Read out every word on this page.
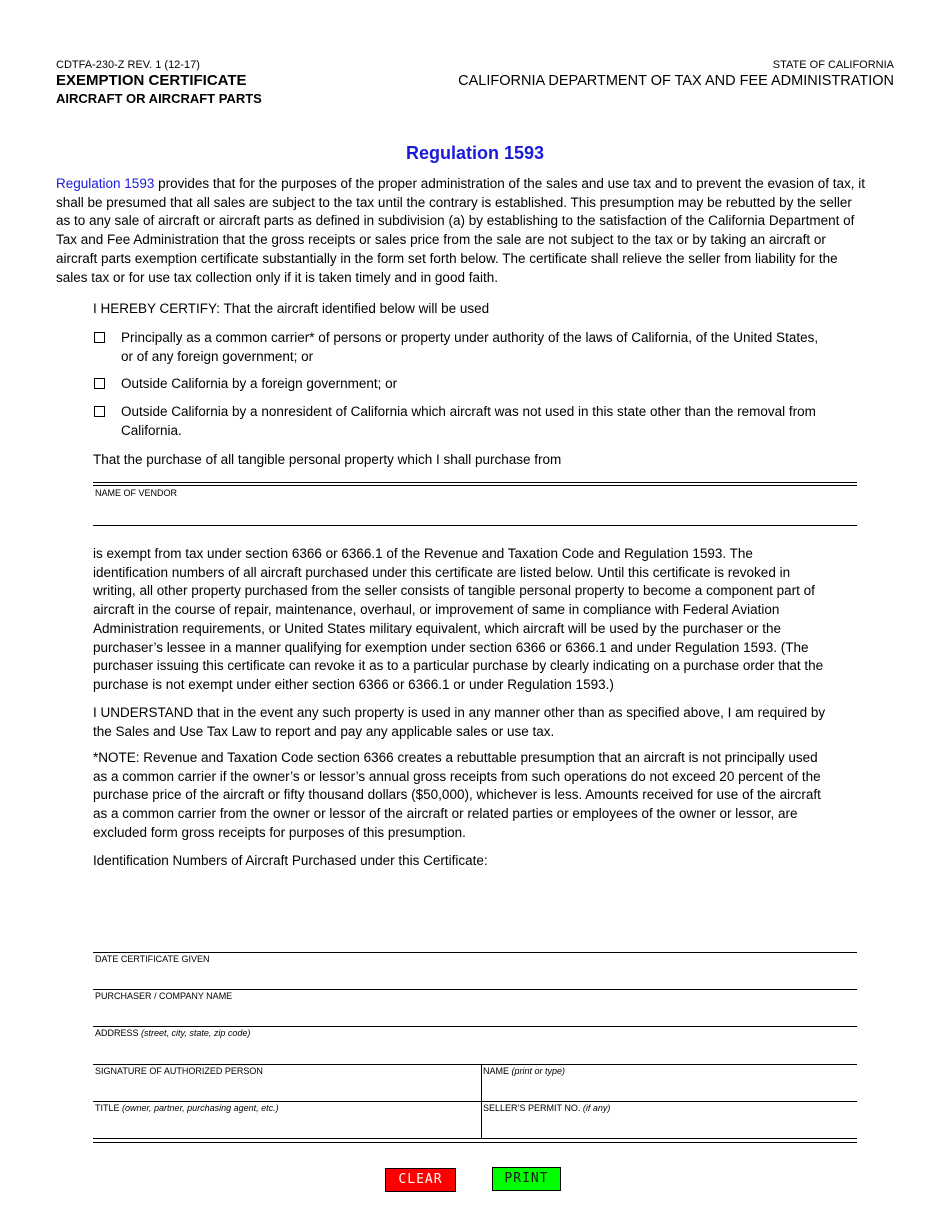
CDTFA-230-Z REV. 1 (12-17)
EXEMPTION CERTIFICATE
AIRCRAFT OR AIRCRAFT PARTS
STATE OF CALIFORNIA
CALIFORNIA DEPARTMENT OF TAX AND FEE ADMINISTRATION
Regulation 1593
Regulation 1593 provides that for the purposes of the proper administration of the sales and use tax and to prevent the evasion of tax, it
shall be presumed that all sales are subject to the tax until the contrary is established. This presumption may be rebutted by the seller
as to any sale of aircraft or aircraft parts as defined in subdivision (a) by establishing to the satisfaction of the California Department of
Tax and Fee Administration that the gross receipts or sales price from the sale are not subject to the tax or by taking an aircraft or
aircraft parts exemption certificate substantially in the form set forth below. The certificate shall relieve the seller from liability for the
sales tax or for use tax collection only if it is taken timely and in good faith.
I HEREBY CERTIFY: That the aircraft identified below will be used
Principally as a common carrier* of persons or property under authority of the laws of California, of the United States,
or of any foreign government; or
Outside California by a foreign government; or
Outside California by a nonresident of California which aircraft was not used in this state other than the removal from
California.
That the purchase of all tangible personal property which I shall purchase from
NAME OF VENDOR
is exempt from tax under section 6366 or 6366.1 of the Revenue and Taxation Code and Regulation 1593. The
identification numbers of all aircraft purchased under this certificate are listed below. Until this certificate is revoked in
writing, all other property purchased from the seller consists of tangible personal property to become a component part of
aircraft in the course of repair, maintenance, overhaul, or improvement of same in compliance with Federal Aviation
Administration requirements, or United States military equivalent, which aircraft will be used by the purchaser or the
purchaser’s lessee in a manner qualifying for exemption under section 6366 or 6366.1 and under Regulation 1593. (The
purchaser issuing this certificate can revoke it as to a particular purchase by clearly indicating on a purchase order that the
purchase is not exempt under either section 6366 or 6366.1 or under Regulation 1593.)
I UNDERSTAND that in the event any such property is used in any manner other than as specified above, I am required by
the Sales and Use Tax Law to report and pay any applicable sales or use tax.
*NOTE: Revenue and Taxation Code section 6366 creates a rebuttable presumption that an aircraft is not principally used
as a common carrier if the owner’s or lessor’s annual gross receipts from such operations do not exceed 20 percent of the
purchase price of the aircraft or fifty thousand dollars ($50,000), whichever is less. Amounts received for use of the aircraft
as a common carrier from the owner or lessor of the aircraft or related parties or employees of the owner or lessor, are
excluded form gross receipts for purposes of this presumption.
Identification Numbers of Aircraft Purchased under this Certificate:
DATE CERTIFICATE GIVEN
PURCHASER / COMPANY NAME
ADDRESS (street, city, state, zip code)
SIGNATURE OF AUTHORIZED PERSON	NAME (print or type)
TITLE (owner, partner, purchasing agent, etc.)	SELLER’S PERMIT NO. (if any)
CLEAR	PRINT
